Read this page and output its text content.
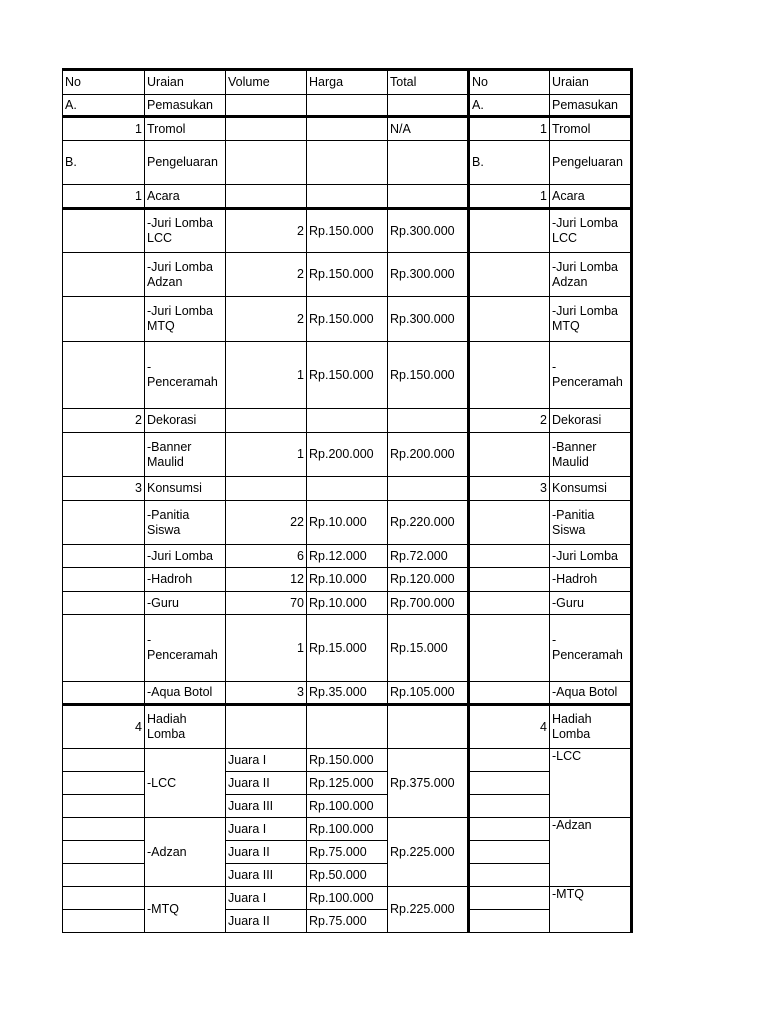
No	Uraian	Volume	Harga	Total	No	Uraian
A.	Pemasukan				A.	Pemasukan
1	Tromol			N/A	1	Tromol
B.	Pengeluaran				B.	Pengeluaran
1	Acara				1	Acara
	-Juri Lomba LCC	2	Rp.150.000	Rp.300.000		-Juri Lomba LCC
	-Juri Lomba Adzan	2	Rp.150.000	Rp.300.000		-Juri Lomba Adzan
	-Juri Lomba MTQ	2	Rp.150.000	Rp.300.000		-Juri Lomba MTQ
	- Penceramah	1	Rp.150.000	Rp.150.000		- Penceramah
2	Dekorasi				2	Dekorasi
	-Banner Maulid	1	Rp.200.000	Rp.200.000		-Banner Maulid
3	Konsumsi				3	Konsumsi
	-Panitia Siswa	22	Rp.10.000	Rp.220.000		-Panitia Siswa
	-Juri Lomba	6	Rp.12.000	Rp.72.000		-Juri Lomba
	-Hadroh	12	Rp.10.000	Rp.120.000		-Hadroh
	-Guru	70	Rp.10.000	Rp.700.000		-Guru
	- Penceramah	1	Rp.15.000	Rp.15.000		- Penceramah
	-Aqua Botol	3	Rp.35.000	Rp.105.000		-Aqua Botol
4	Hadiah Lomba				4	Hadiah Lomba
	-LCC	Juara I	Rp.150.000	Rp.375.000		-LCC
		Juara II	Rp.125.000			
		Juara III	Rp.100.000			
	-Adzan	Juara I	Rp.100.000	Rp.225.000		-Adzan
		Juara II	Rp.75.000			
		Juara III	Rp.50.000			
	-MTQ	Juara I	Rp.100.000	Rp.225.000		-MTQ
		Juara II	Rp.75.000			
